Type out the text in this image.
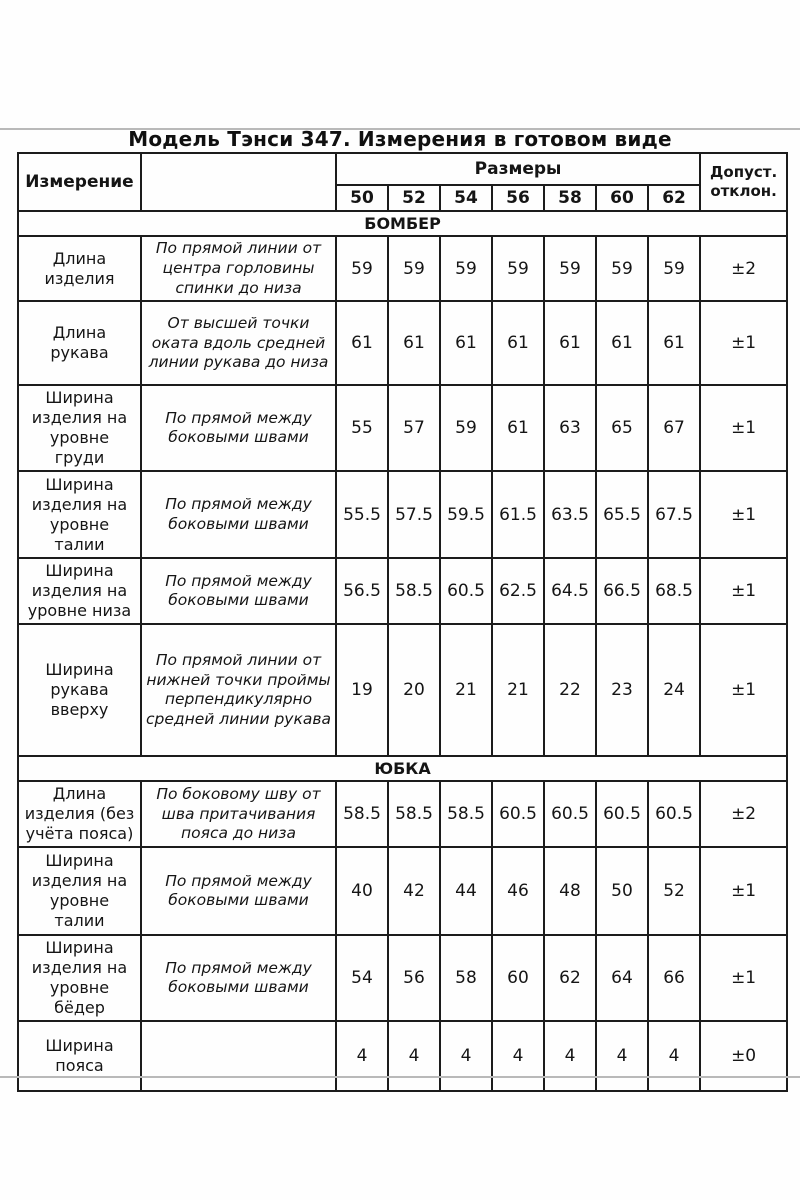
Модель Тэнси 347. Измерения в готовом виде
Измерение		Размеры							Допуст. отклон.
		50	52	54	56	58	60	62	
БОМБЕР									
Длина изделия	По прямой линии от центра горловины спинки до низа	59	59	59	59	59	59	59	±2
Длина рукава	От высшей точки оката вдоль средней линии рукава до низа	61	61	61	61	61	61	61	±1
Ширина изделия на уровне груди	По прямой между боковыми швами	55	57	59	61	63	65	67	±1
Ширина изделия на уровне талии	По прямой между боковыми швами	55.5	57.5	59.5	61.5	63.5	65.5	67.5	±1
Ширина изделия на уровне низа	По прямой между боковыми швами	56.5	58.5	60.5	62.5	64.5	66.5	68.5	±1
Ширина рукава вверху	По прямой линии от нижней точки проймы перпендикулярно средней линии рукава	19	20	21	21	22	23	24	±1
ЮБКА									
Длина изделия (без учёта пояса)	По боковому шву от шва притачивания пояса до низа	58.5	58.5	58.5	60.5	60.5	60.5	60.5	±2
Ширина изделия на уровне талии	По прямой между боковыми швами	40	42	44	46	48	50	52	±1
Ширина изделия на уровне бёдер	По прямой между боковыми швами	54	56	58	60	62	64	66	±1
Ширина пояса		4	4	4	4	4	4	4	±0
